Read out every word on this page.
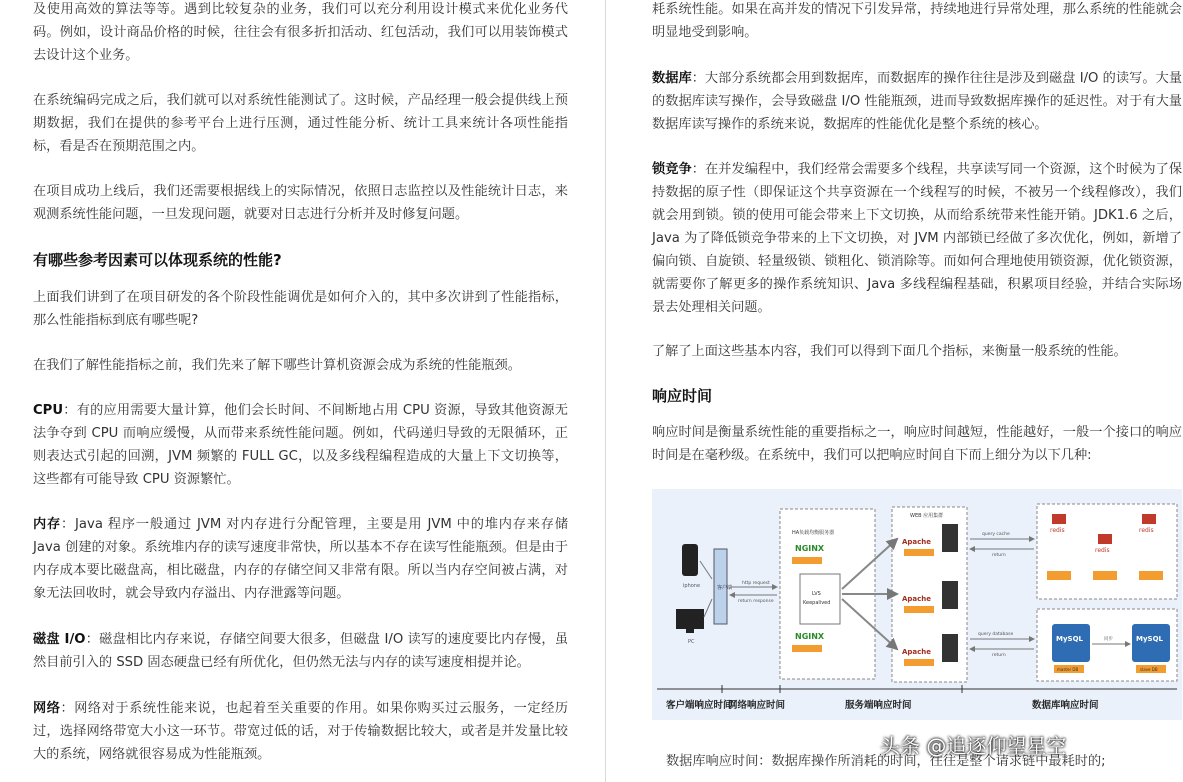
及使用高效的算法等等。遇到比较复杂的业务，我们可以充分利用设计模式来优化业务代码。例如，设计商品价格的时候，往往会有很多折扣活动、红包活动，我们可以用装饰模式去设计这个业务。

在系统编码完成之后，我们就可以对系统性能测试了。这时候，产品经理一般会提供线上预期数据，我们在提供的参考平台上进行压测，通过性能分析、统计工具来统计各项性能指标，看是否在预期范围之内。

在项目成功上线后，我们还需要根据线上的实际情况，依照日志监控以及性能统计日志，来观测系统性能问题，一旦发现问题，就要对日志进行分析并及时修复问题。

有哪些参考因素可以体现系统的性能?

上面我们讲到了在项目研发的各个阶段性能调优是如何介入的，其中多次讲到了性能指标，那么性能指标到底有哪些呢?

在我们了解性能指标之前，我们先来了解下哪些计算机资源会成为系统的性能瓶颈。

CPU：有的应用需要大量计算，他们会长时间、不间断地占用 CPU 资源，导致其他资源无法争夺到 CPU 而响应缓慢，从而带来系统性能问题。例如，代码递归导致的无限循环，正则表达式引起的回溯，JVM 频繁的 FULL GC，以及多线程编程造成的大量上下文切换等，这些都有可能导致 CPU 资源繁忙。

内存：Java 程序一般通过 JVM 对内存进行分配管理，主要是用 JVM 中的堆内存来存储 Java 创建的对象。系统堆内存的读写速度非常快，所以基本不存在读写性能瓶颈。但是由于内存成本要比磁盘高，相比磁盘，内存的存储空间又非常有限。所以当内存空间被占满，对象无法回收时，就会导致内存溢出、内存泄露等问题。

磁盘 I/O：磁盘相比内存来说，存储空间要大很多，但磁盘 I/O 读写的速度要比内存慢，虽然目前引入的 SSD 固态硬盘已经有所优化，但仍然无法与内存的读写速度相提并论。

网络：网络对于系统性能来说，也起着至关重要的作用。如果你购买过云服务，一定经历过，选择网络带宽大小这一环节。带宽过低的话，对于传输数据比较大，或者是并发量比较大的系统，网络就很容易成为性能瓶颈。

耗系统性能。如果在高并发的情况下引发异常，持续地进行异常处理，那么系统的性能就会明显地受到影响。

数据库：大部分系统都会用到数据库，而数据库的操作往往是涉及到磁盘 I/O 的读写。大量的数据库读写操作，会导致磁盘 I/O 性能瓶颈，进而导致数据库操作的延迟性。对于有大量数据库读写操作的系统来说，数据库的性能优化是整个系统的核心。

锁竞争：在并发编程中，我们经常会需要多个线程，共享读写同一个资源，这个时候为了保持数据的原子性（即保证这个共享资源在一个线程写的时候，不被另一个线程修改），我们就会用到锁。锁的使用可能会带来上下文切换，从而给系统带来性能开销。JDK1.6 之后，Java 为了降低锁竞争带来的上下文切换，对 JVM 内部锁已经做了多次优化，例如，新增了偏向锁、自旋锁、轻量级锁、锁粗化、锁消除等。而如何合理地使用锁资源，优化锁资源，就需要你了解更多的操作系统知识、Java 多线程编程基础，积累项目经验，并结合实际场景去处理相关问题。

了解了上面这些基本内容，我们可以得到下面几个指标，来衡量一般系统的性能。

响应时间

响应时间是衡量系统性能的重要指标之一，响应时间越短，性能越好，一般一个接口的响应时间是在毫秒级。在系统中，我们可以把响应时间自下而上细分为以下几种:

iphone
PC
客户端
http request
return response
HA负载均衡服务器
NGINX
LVS
Keepalived
NGINX
WEB 应用集群
Apache
Apache
Apache
query cache
return
query database
return
redis	redis
redis
MySQL	MySQL
master DB	slave DB
同步
客户端响应时间
网络响应时间	服务端响应时间	数据库响应时间
数据库响应时间：数据库操作所消耗的时间，往往是整个请求链中最耗时的;
头条 @追逐仰望星空
